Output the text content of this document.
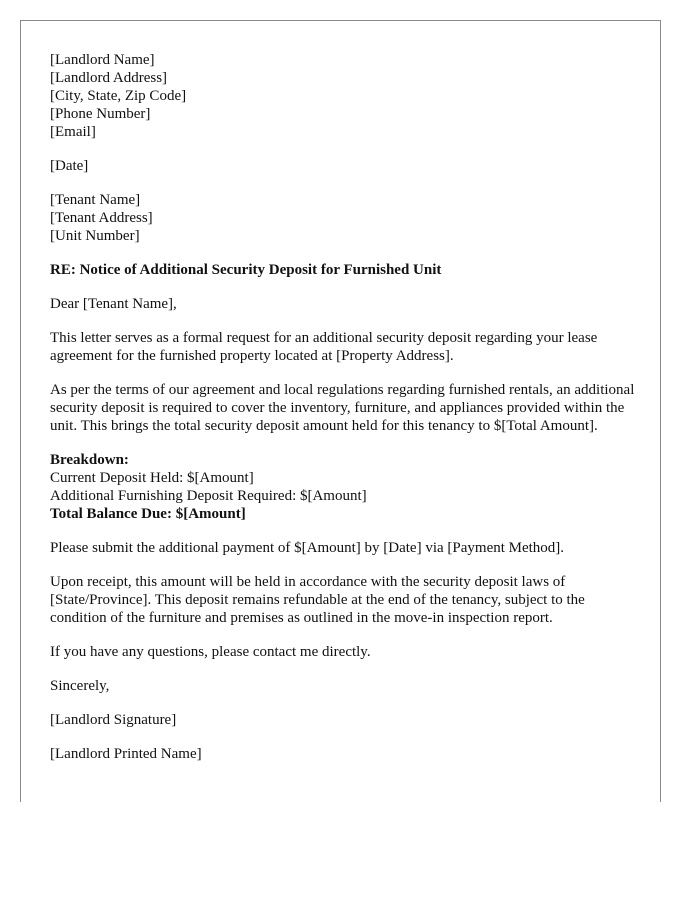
[Landlord Name]
[Landlord Address]
[City, State, Zip Code]
[Phone Number]
[Email]

[Date]

[Tenant Name]
[Tenant Address]
[Unit Number]

RE: Notice of Additional Security Deposit for Furnished Unit

Dear [Tenant Name],

This letter serves as a formal request for an additional security deposit regarding your lease agreement for the furnished property located at [Property Address].

As per the terms of our agreement and local regulations regarding furnished rentals, an additional security deposit is required to cover the inventory, furniture, and appliances provided within the unit. This brings the total security deposit amount held for this tenancy to $[Total Amount].

Breakdown:
Current Deposit Held: $[Amount]
Additional Furnishing Deposit Required: $[Amount]
Total Balance Due: $[Amount]

Please submit the additional payment of $[Amount] by [Date] via [Payment Method].

Upon receipt, this amount will be held in accordance with the security deposit laws of [State/Province]. This deposit remains refundable at the end of the tenancy, subject to the condition of the furniture and premises as outlined in the move-in inspection report.

If you have any questions, please contact me directly.

Sincerely,

[Landlord Signature]

[Landlord Printed Name]
